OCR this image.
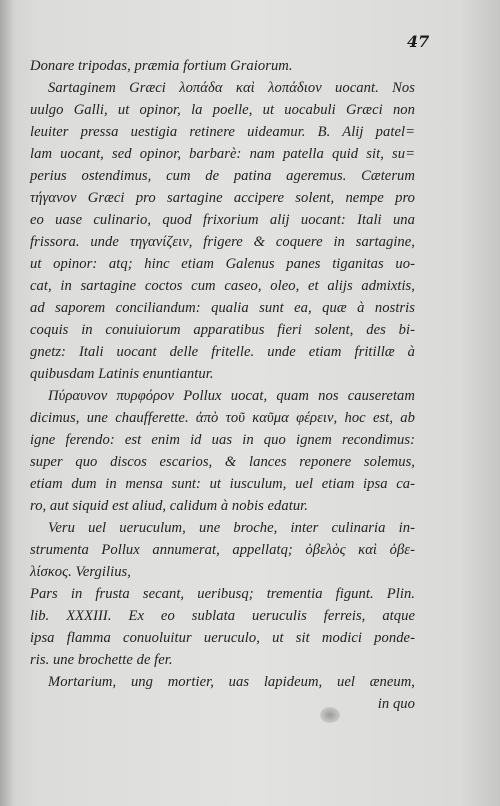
47
Donare tripodas, præmia fortium Graiorum.
Sartaginem Græci λοπάδα καὶ λοπάδιον uocant. Nos
uulgo Galli, ut opinor, la poelle, ut uocabuli Græci non
leuiter pressa uestigia retinere uideamur. B. Alij patel=
lam uocant, sed opinor, barbarè: nam patella quid sit, su=
perius ostendimus, cum de patina ageremus. Cæterum
τήγανον Græci pro sartagine accipere solent, nempe pro
eo uase culinario, quod frixorium alij uocant: Itali una
frissora. unde τηγανίζειν, frigere & coquere in sartagine,
ut opinor: atq; hinc etiam Galenus panes tiganitas uo-
cat, in sartagine coctos cum caseo, oleo, et alijs admixtis,
ad saporem conciliandum: qualia sunt ea, quæ à nostris
coquis in conuiuiorum apparatibus fieri solent, des bi-
gnetz: Itali uocant delle fritelle. unde etiam fritillæ à
quibusdam Latinis enuntiantur.
Πύραυνον πυρφόρον Pollux uocat, quam nos causeretam
dicimus, une chaufferette. ἀπὸ τοῦ καῦμα φέρειν, hoc est, ab
igne ferendo: est enim id uas in quo ignem recondimus:
super quo discos escarios, & lances reponere solemus,
etiam dum in mensa sunt: ut iusculum, uel etiam ipsa ca-
ro, aut siquid est aliud, calidum à nobis edatur.
Veru uel ueruculum, une broche, inter culinaria in-
strumenta Pollux annumerat, appellatq; ὀβελὸς καὶ ὀβε-
λίσκος. Vergilius,
Pars in frusta secant, ueribusq; trementia figunt. Plin.
lib. XXXIII. Ex eo sublata ueruculis ferreis, atque
ipsa flamma conuoluitur ueruculo, ut sit modici ponde-
ris. une brochette de fer.
Mortarium, ung mortier, uas lapideum, uel æneum,
in quo
